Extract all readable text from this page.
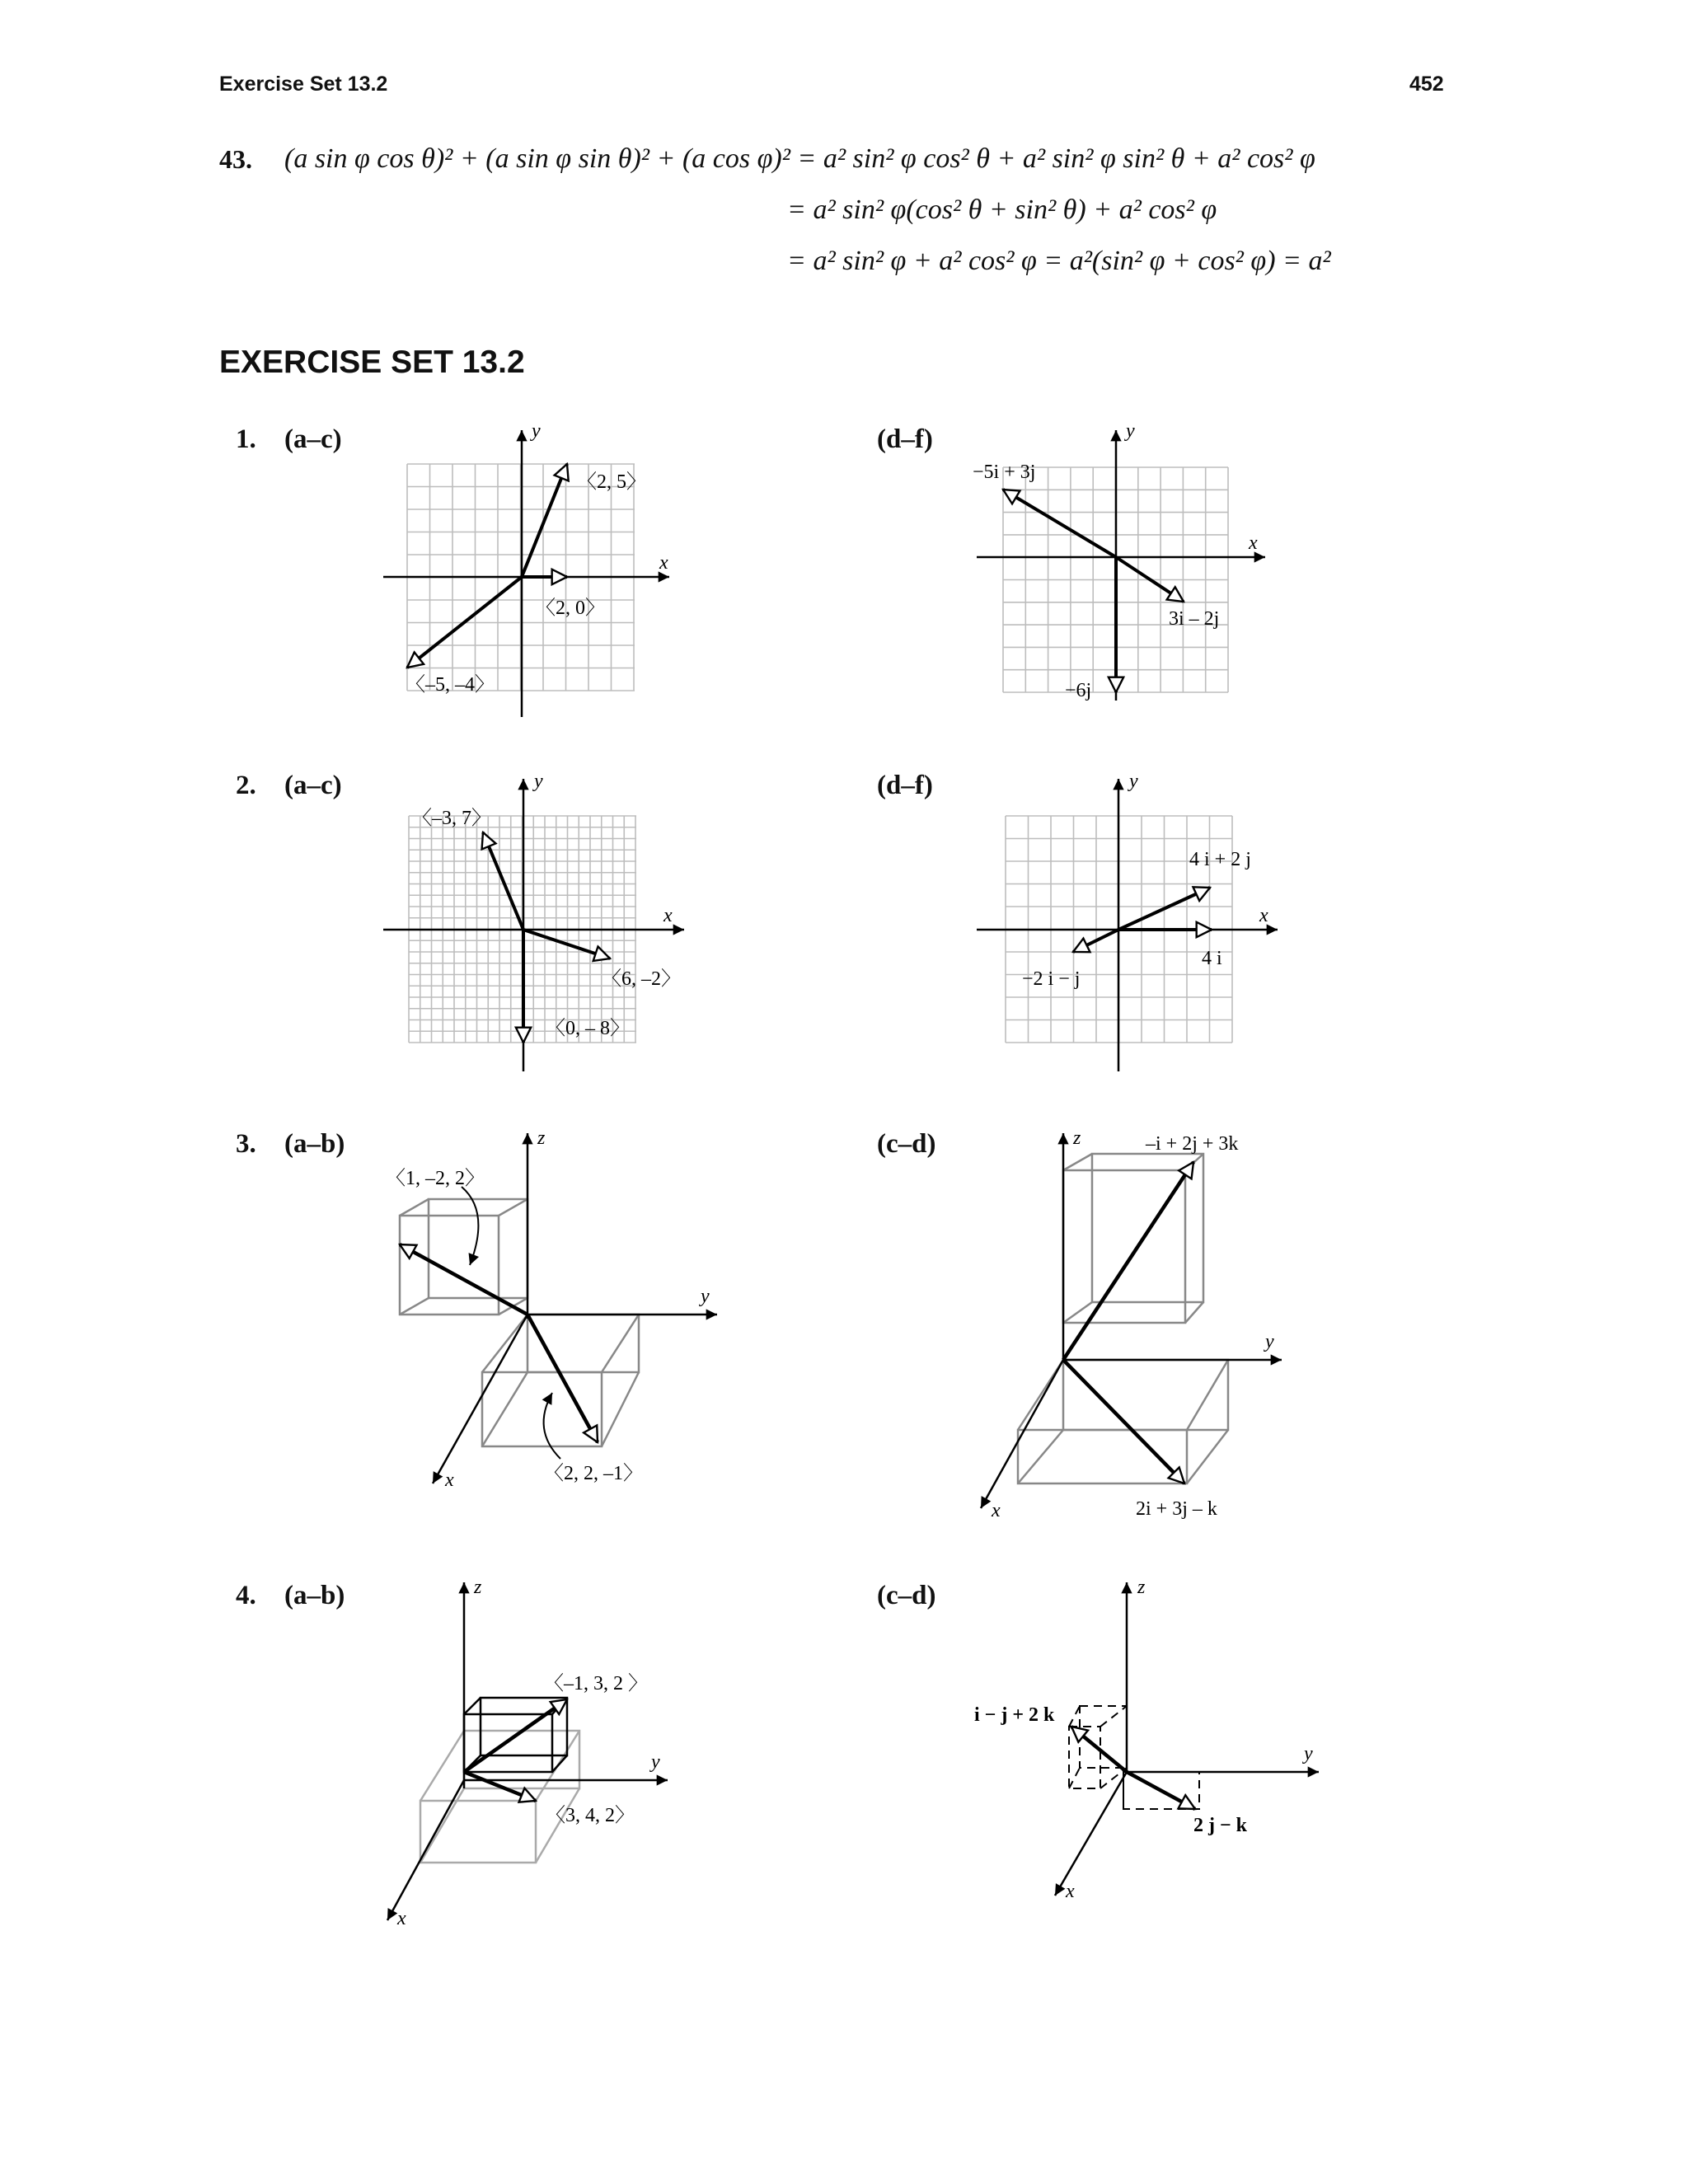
Exercise Set 13.2	452
43. (a sin φ cos θ)² + (a sin φ sin θ)² + (a cos φ)² = a² sin² φ cos² θ + a² sin² φ sin² θ + a² cos² φ
= a² sin² φ(cos² θ + sin² θ) + a² cos² φ
= a² sin² φ + a² cos² φ = a²(sin² φ + cos² φ) = a²
EXERCISE SET 13.2
1. (a–c)	(d–f)
2. (a–c)	(d–f)
3. (a–b)	(c–d)
4. (a–b)	(c–d)
x
y
〈2, 5〉
〈2, 0〉
〈–5, –4〉
x
y
−5i + 3j
3i – 2j
−6j
x
y
〈–3, 7〉
〈6, –2〉
〈0, – 8〉
x
y
4 i + 2 j
4 i
−2 i − j
z
y
x
〈1, –2, 2〉
〈2, 2, –1〉
z
y
x
–i + 2j + 3k
2i + 3j – k
z
y
x
〈–1, 3, 2 〉
〈3, 4, 2〉
z
y
x
i − j + 2 k
2 j − k
